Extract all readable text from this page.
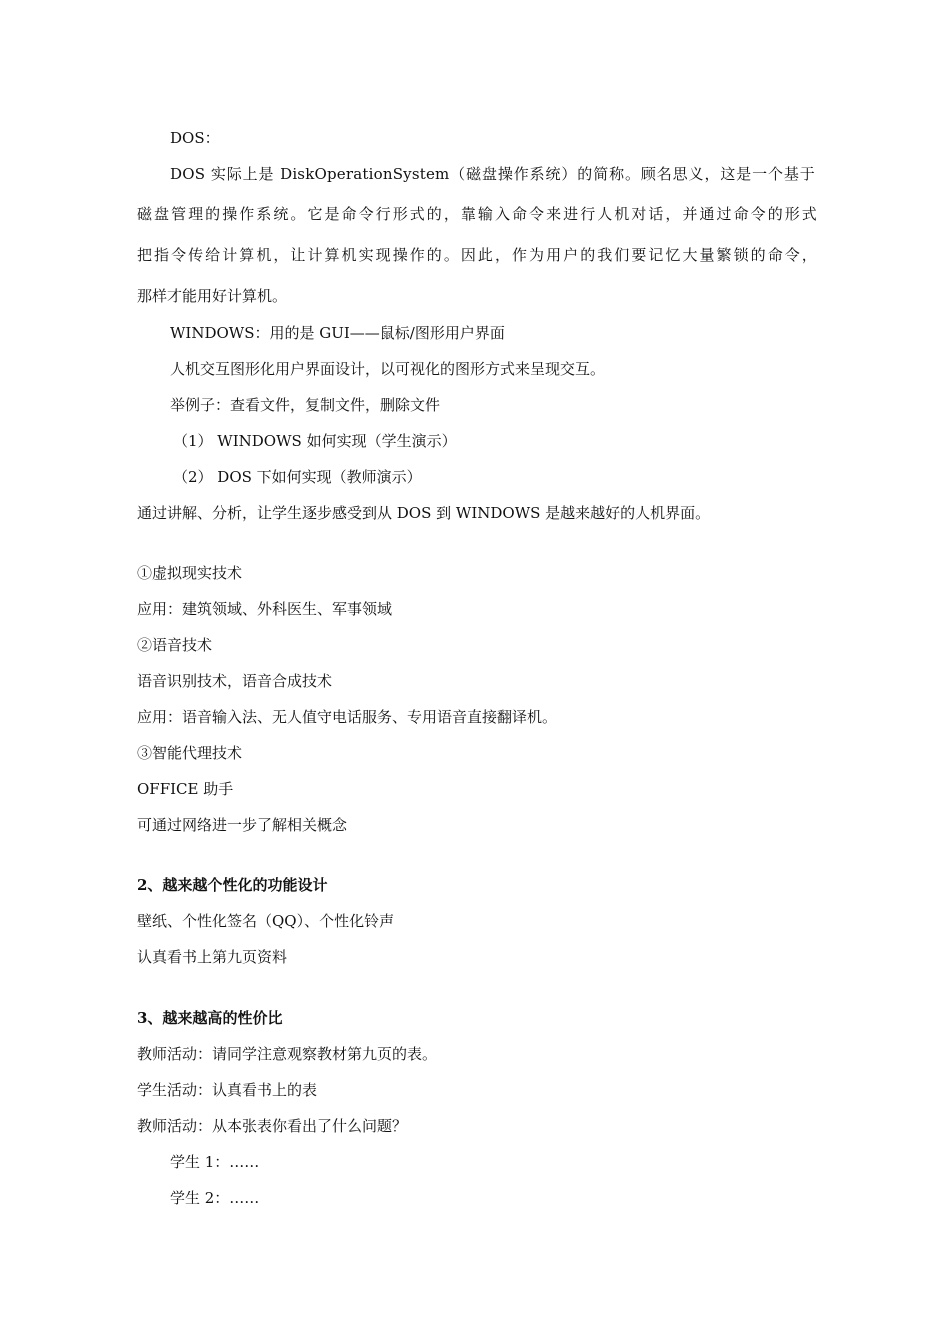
DOS：
DOS 实际上是 DiskOperationSystem（磁盘操作系统）的简称。顾名思义，这是一个基于
磁盘管理的操作系统。它是命令行形式的，靠输入命令来进行人机对话，并通过命令的形式
把指令传给计算机，让计算机实现操作的。因此，作为用户的我们要记忆大量繁锁的命令，
那样才能用好计算机。
WINDOWS：用的是 GUI——鼠标/图形用户界面
人机交互图形化用户界面设计，以可视化的图形方式来呈现交互。
举例子：查看文件，复制文件，删除文件
（1） WINDOWS 如何实现（学生演示）
（2） DOS 下如何实现（教师演示）
通过讲解、分析，让学生逐步感受到从 DOS 到 WINDOWS 是越来越好的人机界面。
①虚拟现实技术
应用：建筑领域、外科医生、军事领域
②语音技术
语音识别技术，语音合成技术
应用：语音输入法、无人值守电话服务、专用语音直接翻译机。
③智能代理技术
OFFICE 助手
可通过网络进一步了解相关概念
2、越来越个性化的功能设计
壁纸、个性化签名（QQ）、个性化铃声
认真看书上第九页资料
3、越来越高的性价比
教师活动：请同学注意观察教材第九页的表。
学生活动：认真看书上的表
教师活动：从本张表你看出了什么问题？
学生 1：……
学生 2：……
